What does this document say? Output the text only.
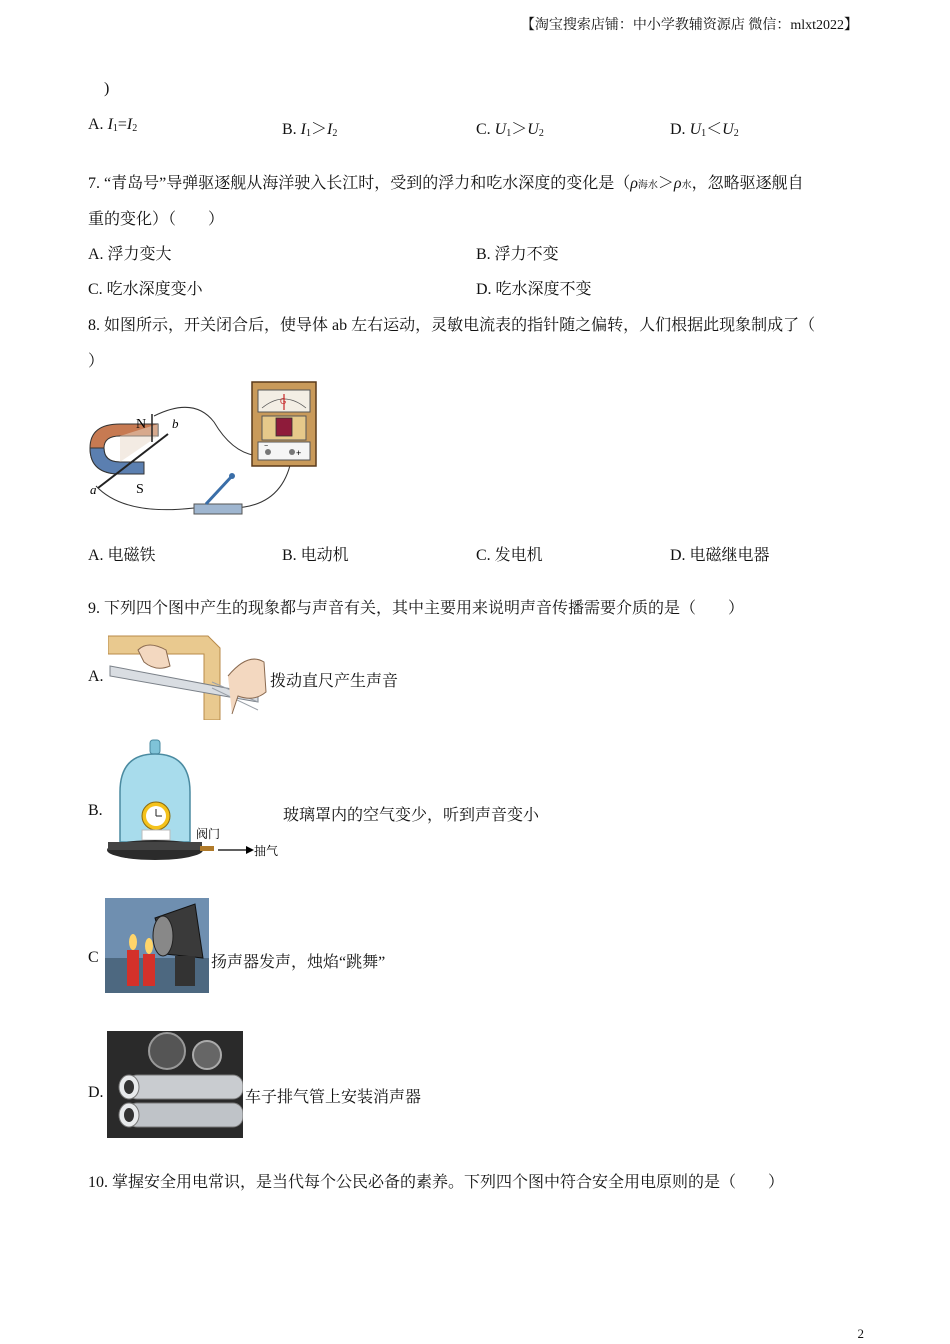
【淘宝搜索店铺：中小学教辅资源店 微信：mlxt2022】
)
A. $I_1=I_2$	B. $I_1>I_2$	C. $U_1>U_2$	D. $U_1<U_2$
7. “青岛号”导弹驱逐舰从海洋驶入长江时，受到的浮力和吃水深度的变化是（ρ海水＞ρ水，忽略驱逐舰自
重的变化）（　　）
A. 浮力变大	B. 浮力不变
C. 吃水深度变小	D. 吃水深度不变
8. 如图所示，开关闭合后，使导体 ab 左右运动，灵敏电流表的指针随之偏转，人们根据此现象制成了（
）
N
S
a
b
G
−
+
A. 电磁铁	B. 电动机	C. 发电机	D. 电磁继电器
9. 下列四个图中产生的现象都与声音有关，其中主要用来说明声音传播需要介质的是（　　）
A.	拨动直尺产生声音
B.
阀门
抽气
玻璃罩内的空气变少，听到声音变小
C	扬声器发声，烛焰“跳舞”
D.	车子排气管上安装消声器
10. 掌握安全用电常识，是当代每个公民必备的素养。下列四个图中符合安全用电原则的是（　　）
2
